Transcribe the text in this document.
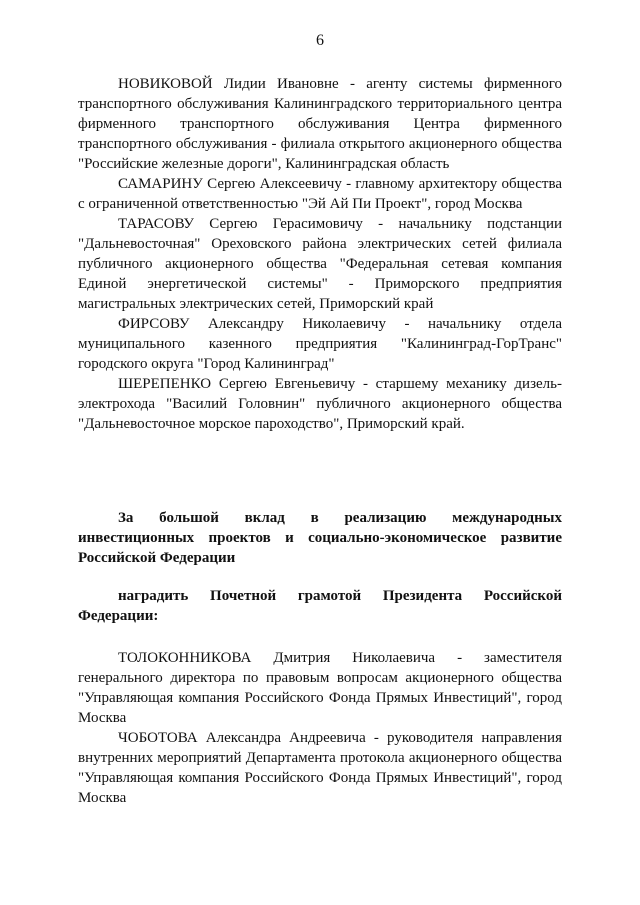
6

НОВИКОВОЙ Лидии Ивановне - агенту системы фирменного транспортного обслуживания Калининградского территориального центра фирменного транспортного обслуживания Центра фирменного транспортного обслуживания - филиала открытого акционерного общества "Российские железные дороги", Калининградская область

САМАРИНУ Сергею Алексеевичу - главному архитектору общества с ограниченной ответственностью "Эй Ай Пи Проект", город Москва

ТАРАСОВУ Сергею Герасимовичу - начальнику подстанции "Дальневосточная" Ореховского района электрических сетей филиала публичного акционерного общества "Федеральная сетевая компания Единой энергетической системы" - Приморского предприятия магистральных электрических сетей, Приморский край

ФИРСОВУ Александру Николаевичу - начальнику отдела муниципального казенного предприятия "Калининград-ГорТранс" городского округа "Город Калининград"

ШЕРЕПЕНКО Сергею Евгеньевичу - старшему механику дизель-электрохода "Василий Головнин" публичного акционерного общества "Дальневосточное морское пароходство", Приморский край.

За большой вклад в реализацию международных инвестиционных проектов и социально-экономическое развитие Российской Федерации

наградить Почетной грамотой Президента Российской Федерации:

ТОЛОКОННИКОВА Дмитрия Николаевича - заместителя генерального директора по правовым вопросам акционерного общества "Управляющая компания Российского Фонда Прямых Инвестиций", город Москва

ЧОБОТОВА Александра Андреевича - руководителя направления внутренних мероприятий Департамента протокола акционерного общества "Управляющая компания Российского Фонда Прямых Инвестиций", город Москва
